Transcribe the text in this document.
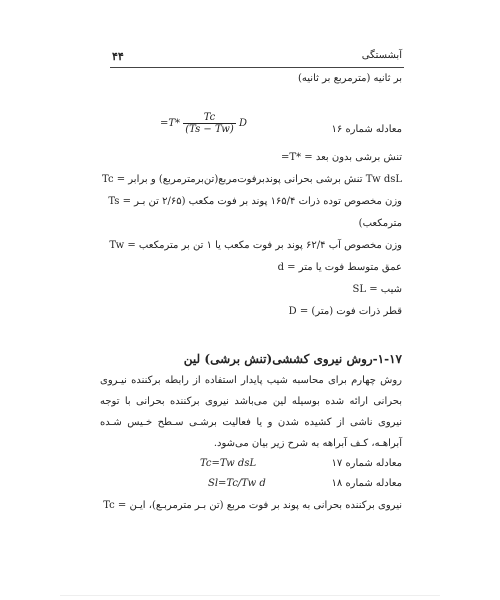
۴۴	آبشستگی
بر ثانیه (مترمربع بر ثانیه)
معادله شماره ۱۶
$=T* \frac{Tc}{(Ts - Tw)}$ D
=T* = تنش برشی بدون بعد
Tc = تنش برشی بحرانی پوندبرفوت‌مربع(تن‌برمترمربع) و برابر Tw dsL
Ts = وزن مخصوص توده ذرات ۱۶۵/۴ پوند بر فوت مکعب (۲/۶۵ تن بـر
مترمکعب)
Tw = وزن مخصوص آب ۶۲/۴ پوند بر فوت مکعب یا ۱ تن بر مترمکعب
d = عمق متوسط فوت یا متر
SL = شیب
D = قطر ذرات فوت (متر)
۱-۱۷-روش نیروی کششی(تنش برشی) لین
روش چهارم برای محاسبه شیب پایدار استفاده از رابطه برکننده نیـروی بحرانی ارائه شده بوسیله لین می‌باشد نیروی برکننده بحرانی با توجه نیروی ناشی از کشیده شدن و یا فعالیت برشـی سـطح خـیس شـده آبراهـه، کـف آبراهه به شرح زیر بیان می‌شود.
معادله شماره ۱۷
Tc=Tw dsL
معادله شماره ۱۸
Sl=Tc/Tw d
Tc = نیروی برکننده بحرانی به پوند بر فوت مربع (تن بـر مترمربـع)، ایـن
